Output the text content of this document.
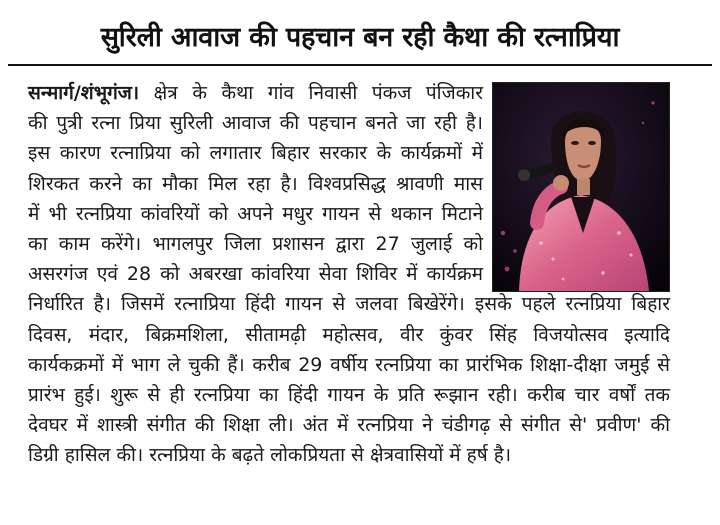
सुरिली आवाज की पहचान बन रही कैथा की रत्नाप्रिया
सन्मार्ग/शंभूगंज। क्षेत्र के कैथा गांव निवासी पंकज पंजिकार
की पुत्री रत्ना प्रिया सुरिली आवाज की पहचान बनते जा रही है।
इस कारण रत्नाप्रिया को लगातार बिहार सरकार के कार्यक्रमों में
शिरकत करने का मौका मिल रहा है। विश्वप्रसिद्ध श्रावणी मास
में भी रत्नप्रिया कांवरियों को अपने मधुर गायन से थकान मिटाने
का काम करेंगे। भागलपुर जिला प्रशासन द्वारा 27 जुलाई को
असरगंज एवं 28 को अबरखा कांवरिया सेवा शिविर में कार्यक्रम
निर्धारित है। जिसमें रत्नाप्रिया हिंदी गायन से जलवा बिखेरेंगे। इसके पहले रत्नप्रिया बिहार
दिवस, मंदार, बिक्रमशिला, सीतामढ़ी महोत्सव, वीर कुंवर सिंह विजयोत्सव इत्यादि
कार्यकक्रमों में भाग ले चुकी हैं। करीब 29 वर्षीय रत्नप्रिया का प्रारंभिक शिक्षा-दीक्षा जमुई से
प्रारंभ हुई। शुरू से ही रत्नप्रिया का हिंदी गायन के प्रति रूझान रही। करीब चार वर्षों तक
देवघर में शास्त्री संगीत की शिक्षा ली। अंत में रत्नप्रिया ने चंडीगढ़ से संगीत से' प्रवीण' की
डिग्री हासिल की। रत्नप्रिया के बढ़ते लोकप्रियता से क्षेत्रवासियों में हर्ष है।
